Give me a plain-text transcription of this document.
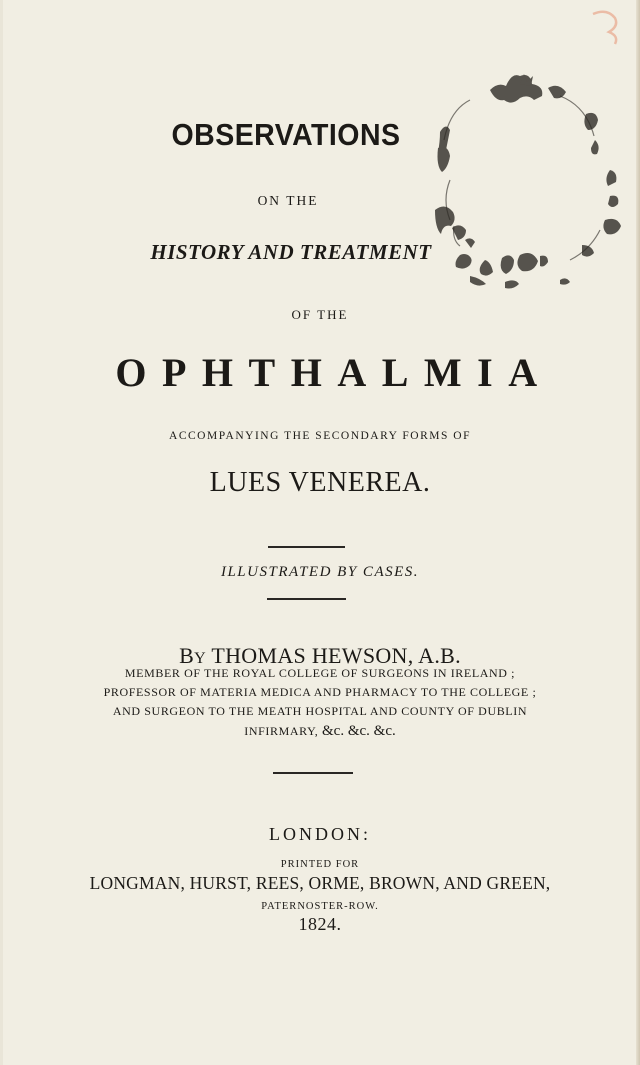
OBSERVATIONS
ON THE
HISTORY AND TREATMENT
OF THE
OPHTHALMIA
ACCOMPANYING THE SECONDARY FORMS OF
LUES VENEREA.
ILLUSTRATED BY CASES.
BY THOMAS HEWSON, A.B.
MEMBER OF THE ROYAL COLLEGE OF SURGEONS IN IRELAND ;
PROFESSOR OF MATERIA MEDICA AND PHARMACY TO THE COLLEGE ;
AND SURGEON TO THE MEATH HOSPITAL AND COUNTY OF DUBLIN
INFIRMARY, &c. &c. &c.
LONDON:
PRINTED FOR
LONGMAN, HURST, REES, ORME, BROWN, AND GREEN,
PATERNOSTER-ROW.
1824.
